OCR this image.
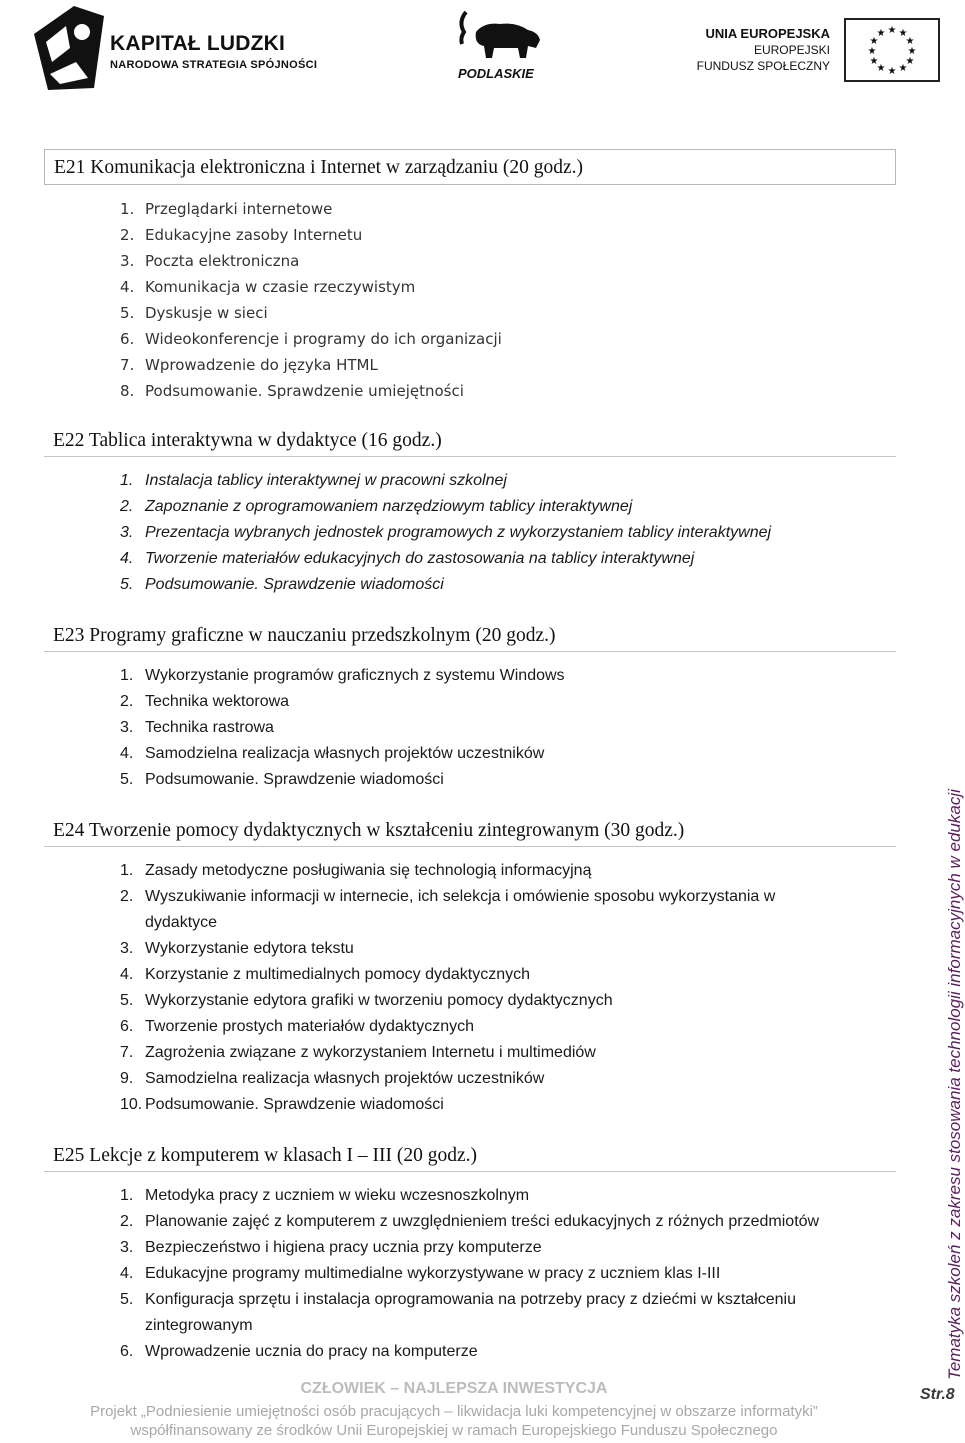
KAPITAŁ LUDZKI
NARODOWA STRATEGIA SPÓJNOŚCI
PODLASKIE
UNIA EUROPEJSKA
EUROPEJSKI
FUNDUSZ SPOŁECZNY
★ ★
★
★
★
★
★
★
★
★
★
★
E21 Komunikacja elektroniczna i Internet w zarządzaniu (20 godz.)
1. Przeglądarki internetowe
2. Edukacyjne zasoby Internetu
3. Poczta elektroniczna
4. Komunikacja w czasie rzeczywistym
5. Dyskusje w sieci
6. Wideokonferencje i programy do ich organizacji
7. Wprowadzenie do języka HTML
8. Podsumowanie. Sprawdzenie umiejętności
E22 Tablica interaktywna w dydaktyce (16 godz.)
1. Instalacja tablicy interaktywnej w pracowni szkolnej
2. Zapoznanie z oprogramowaniem narzędziowym tablicy interaktywnej
3. Prezentacja wybranych jednostek programowych z wykorzystaniem tablicy interaktywnej
4. Tworzenie materiałów edukacyjnych do zastosowania na tablicy interaktywnej
5. Podsumowanie. Sprawdzenie wiadomości
E23 Programy graficzne w nauczaniu przedszkolnym (20 godz.)
1. Wykorzystanie programów graficznych z systemu Windows
2. Technika wektorowa
3. Technika rastrowa
4. Samodzielna realizacja własnych projektów uczestników
5. Podsumowanie. Sprawdzenie wiadomości
E24 Tworzenie pomocy dydaktycznych w kształceniu zintegrowanym (30 godz.)
1. Zasady metodyczne posługiwania się technologią informacyjną
2. Wyszukiwanie informacji w internecie, ich selekcja i omówienie sposobu wykorzystania w dydaktyce
3. Wykorzystanie edytora tekstu
4. Korzystanie z multimedialnych pomocy dydaktycznych
5. Wykorzystanie edytora grafiki w tworzeniu pomocy dydaktycznych
6. Tworzenie prostych materiałów dydaktycznych
7. Zagrożenia związane z wykorzystaniem Internetu i multimediów
9. Samodzielna realizacja własnych projektów uczestników
10. Podsumowanie. Sprawdzenie wiadomości
E25 Lekcje z komputerem w klasach I – III (20 godz.)
1. Metodyka pracy z uczniem w wieku wczesnoszkolnym
2. Planowanie zajęć z komputerem z uwzględnieniem treści edukacyjnych z różnych przedmiotów
3. Bezpieczeństwo i higiena pracy ucznia przy komputerze
4. Edukacyjne programy multimedialne wykorzystywane w pracy z uczniem klas I-III
5. Konfiguracja sprzętu i instalacja oprogramowania na potrzeby pracy z dziećmi w kształceniu zintegrowanym
6. Wprowadzenie ucznia do pracy na komputerze	Tematyka szkoleń z zakresu stosowania technologii informacyjnych w edukacji
Str.8
CZŁOWIEK – NAJLEPSZA INWESTYCJA
Projekt „Podniesienie umiejętności osób pracujących – likwidacja luki kompetencyjnej w obszarze informatyki”
współfinansowany ze środków Unii Europejskiej w ramach Europejskiego Funduszu Społecznego
